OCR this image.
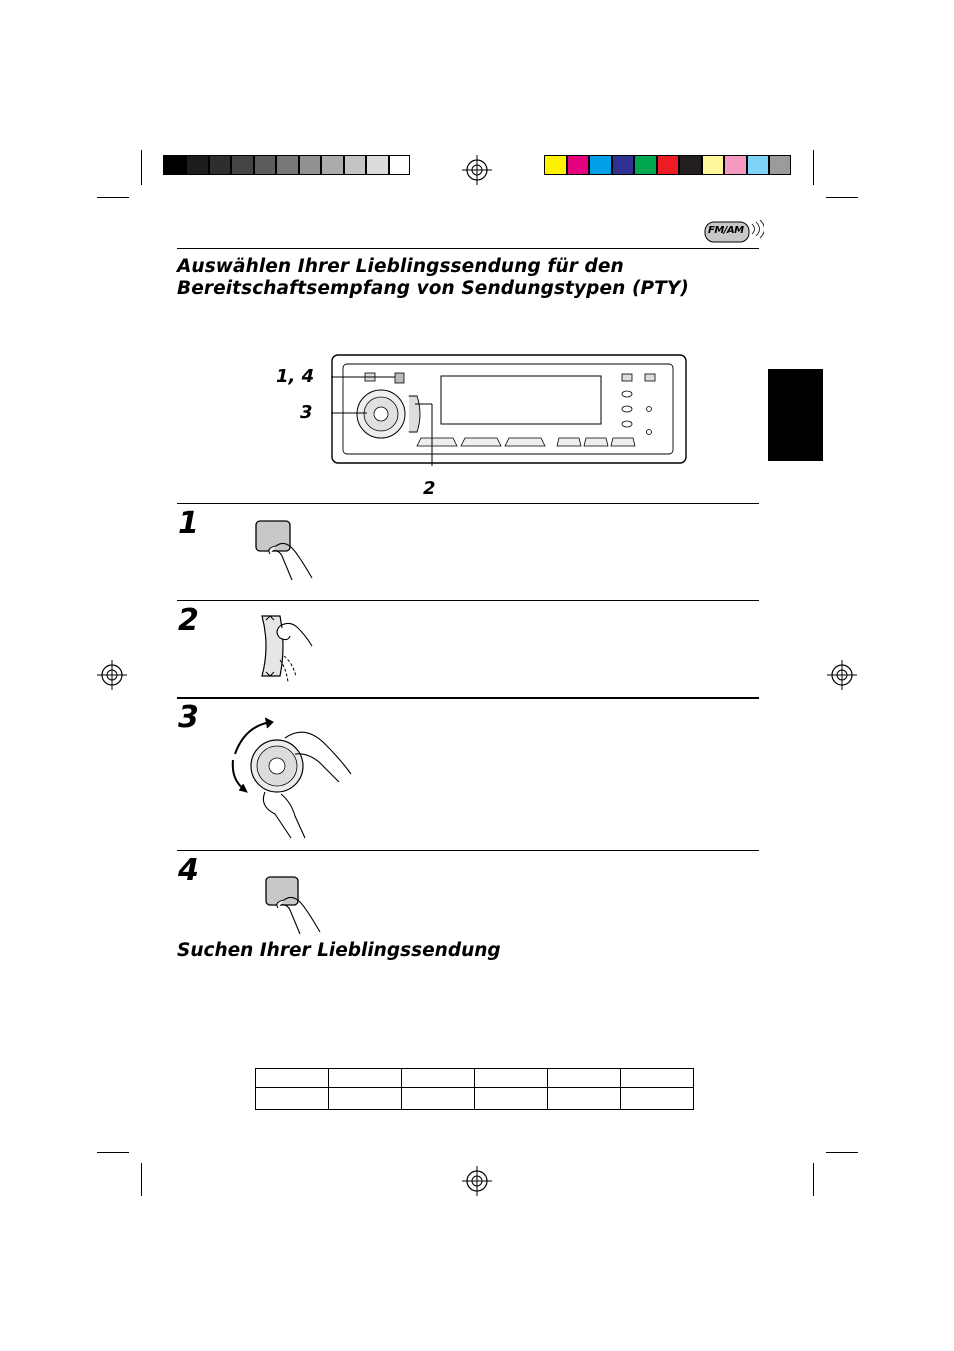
FM/AM
Auswählen Ihrer Lieblingssendung für den
Bereitschaftsempfang von Sendungstypen (PTY)
1, 4
3
2
1
2
3
4
Suchen Ihrer Lieblingssendung
